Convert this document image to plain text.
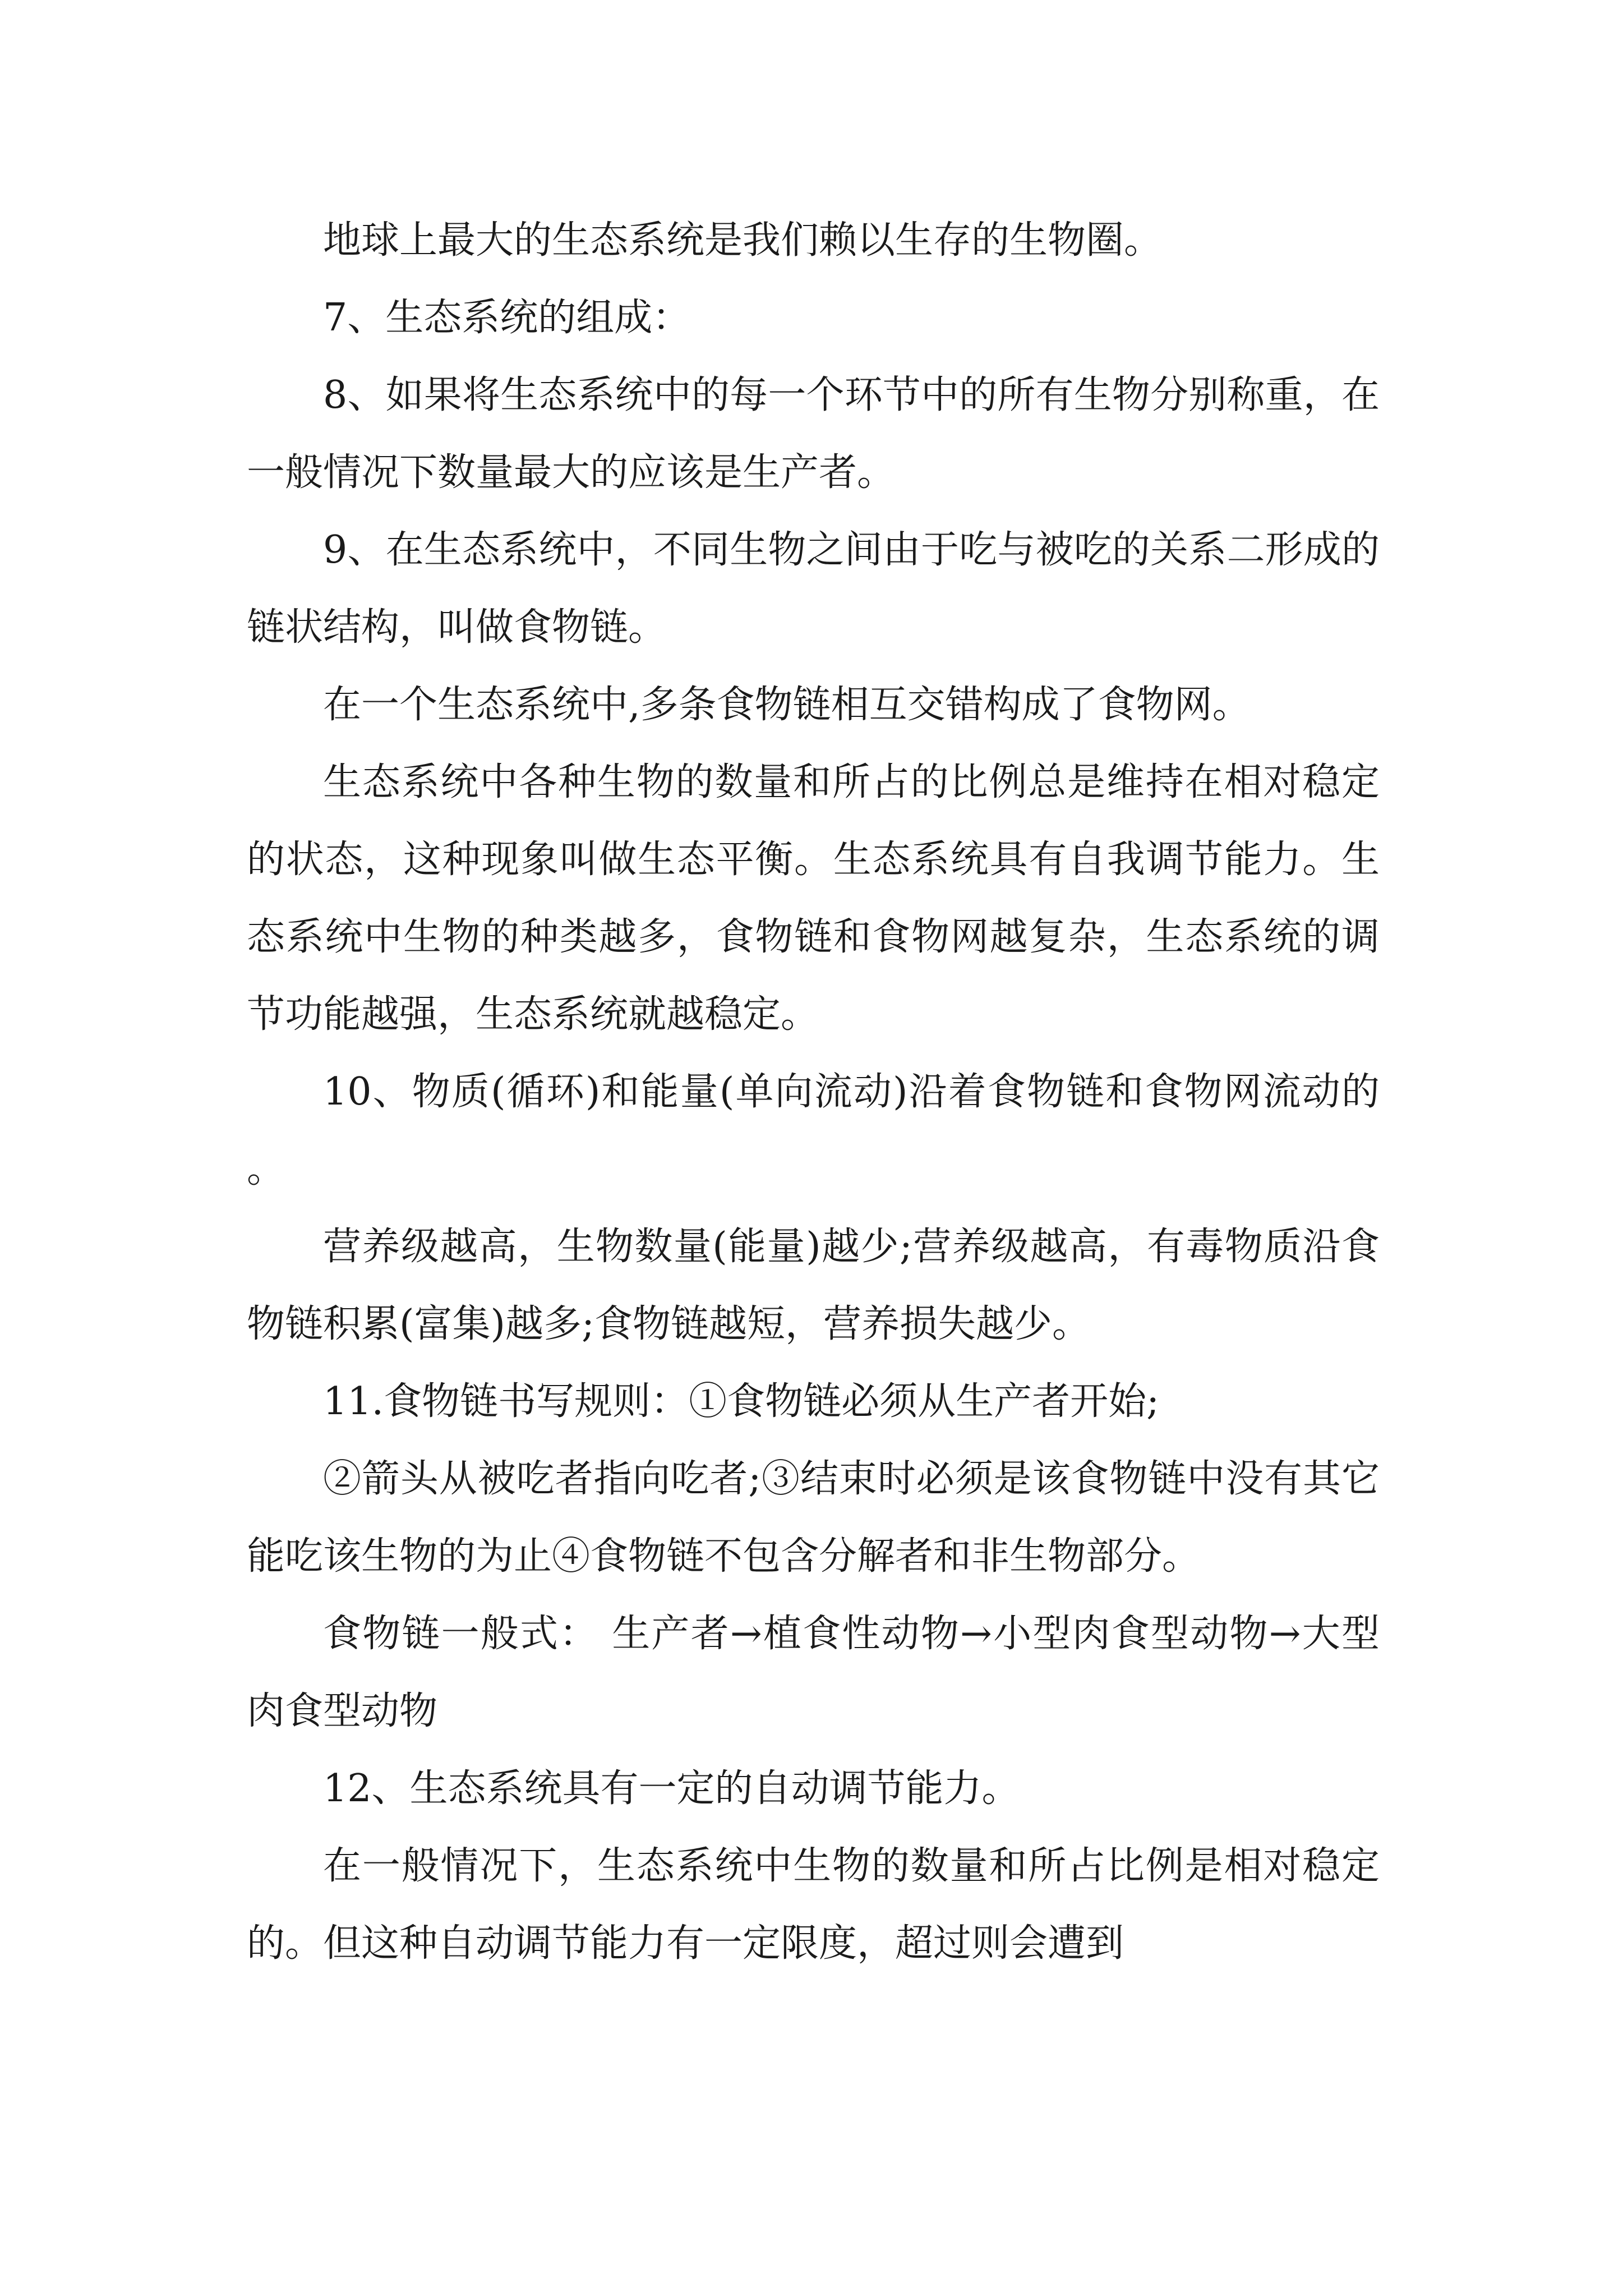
地球上最大的生态系统是我们赖以生存的生物圈。

7、生态系统的组成：

8、如果将生态系统中的每一个环节中的所有生物分别称重，在一般情况下数量最大的应该是生产者。

9、在生态系统中，不同生物之间由于吃与被吃的关系二形成的链状结构，叫做食物链。

在一个生态系统中,多条食物链相互交错构成了食物网。

生态系统中各种生物的数量和所占的比例总是维持在相对稳定的状态，这种现象叫做生态平衡。生态系统具有自我调节能力。生态系统中生物的种类越多，食物链和食物网越复杂，生态系统的调节功能越强，生态系统就越稳定。

10、物质(循环)和能量(单向流动)沿着食物链和食物网流动的。

营养级越高，生物数量(能量)越少;营养级越高，有毒物质沿食物链积累(富集)越多;食物链越短，营养损失越少。

11.食物链书写规则：①食物链必须从生产者开始;

②箭头从被吃者指向吃者;③结束时必须是该食物链中没有其它能吃该生物的为止④食物链不包含分解者和非生物部分。

食物链一般式： 生产者→植食性动物→小型肉食型动物→大型肉食型动物

12、生态系统具有一定的自动调节能力。

在一般情况下，生态系统中生物的数量和所占比例是相对稳定的。但这种自动调节能力有一定限度，超过则会遭到
